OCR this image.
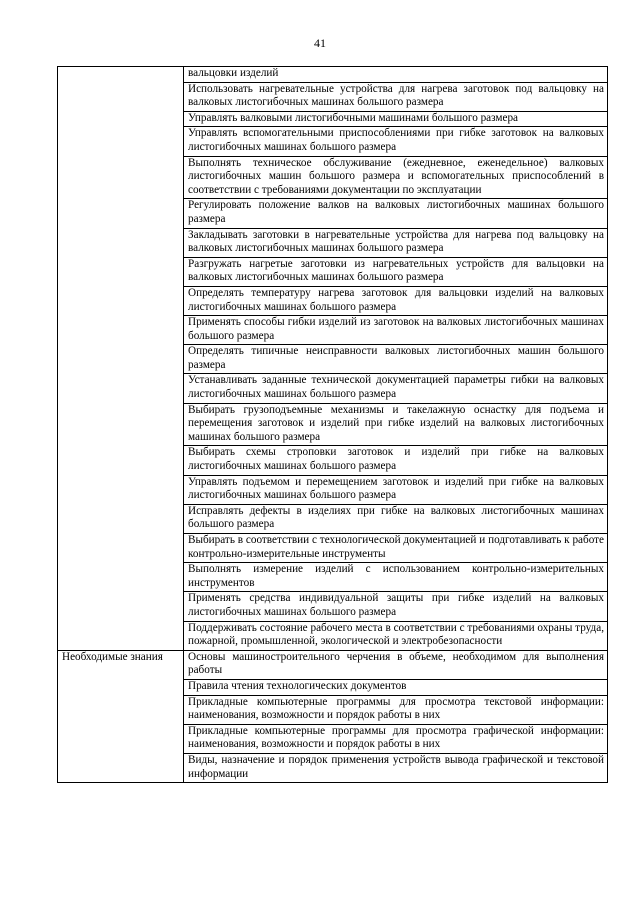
41
	вальцовки изделий
	Использовать нагревательные устройства для нагрева заготовок под вальцовку на валковых листогибочных машинах большого размера
	Управлять валковыми листогибочными машинами большого размера
	Управлять вспомогательными приспособлениями при гибке заготовок на валковых листогибочных машинах большого размера
	Выполнять техническое обслуживание (ежедневное, еженедельное) валковых листогибочных машин большого размера и вспомогательных приспособлений в соответствии с требованиями документации по эксплуатации
	Регулировать положение валков на валковых листогибочных машинах большого размера
	Закладывать заготовки в нагревательные устройства для нагрева под вальцовку на валковых листогибочных машинах большого размера
	Разгружать нагретые заготовки из нагревательных устройств для вальцовки на валковых листогибочных машинах большого размера
	Определять температуру нагрева заготовок для вальцовки изделий на валковых листогибочных машинах большого размера
	Применять способы гибки изделий из заготовок на валковых листогибочных машинах большого размера
	Определять типичные неисправности валковых листогибочных машин большого размера
	Устанавливать заданные технической документацией параметры гибки на валковых листогибочных машинах большого размера
	Выбирать грузоподъемные механизмы и такелажную оснастку для подъема и перемещения заготовок и изделий при гибке изделий на валковых листогибочных машинах большого размера
	Выбирать схемы строповки заготовок и изделий при гибке на валковых листогибочных машинах большого размера
	Управлять подъемом и перемещением заготовок и изделий при гибке на валковых листогибочных машинах большого размера
	Исправлять дефекты в изделиях при гибке на валковых листогибочных машинах большого размера
	Выбирать в соответствии с технологической документацией и подготавливать к работе контрольно-измерительные инструменты
	Выполнять измерение изделий с использованием контрольно-измерительных инструментов
	Применять средства индивидуальной защиты при гибке изделий на валковых листогибочных машинах большого размера
	Поддерживать состояние рабочего места в соответствии с требованиями охраны труда, пожарной, промышленной, экологической и электробезопасности
Необходимые знания	Основы машиностроительного черчения в объеме, необходимом для выполнения работы
	Правила чтения технологических документов
	Прикладные компьютерные программы для просмотра текстовой информации: наименования, возможности и порядок работы в них
	Прикладные компьютерные программы для просмотра графической информации: наименования, возможности и порядок работы в них
	Виды, назначение и порядок применения устройств вывода графической и текстовой информации
